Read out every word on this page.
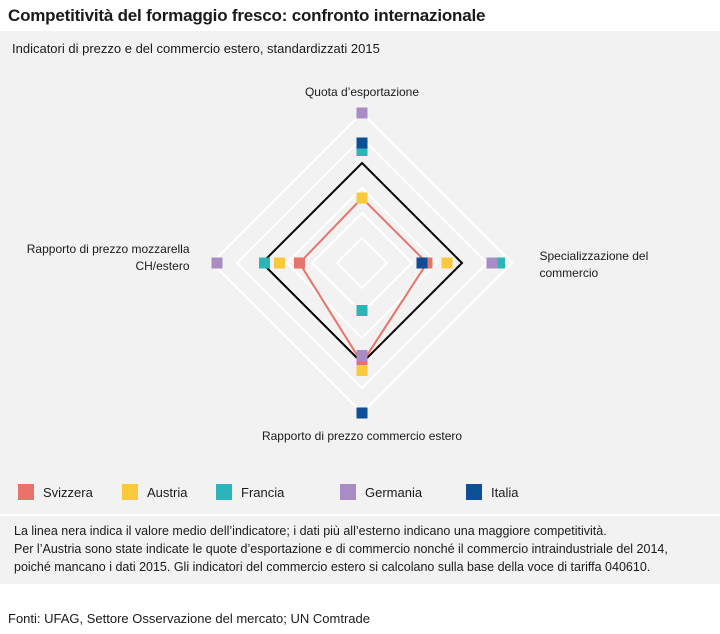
Competitività del formaggio fresco: confronto internazionale
Indicatori di prezzo e del commercio estero, standardizzati 2015
Quota d’esportazione
Specializzazione del commercio
Rapporto di prezzo commercio estero
Rapporto di prezzo mozzarella CH/estero
Svizzera	Austria	Francia	Germania	Italia
La linea nera indica il valore medio dell’indicatore; i dati più all’esterno indicano una maggiore competitività.
Per l’Austria sono state indicate le quote d’esportazione e di commercio nonché il commercio intraindustriale del 2014,
poiché mancano i dati 2015. Gli indicatori del commercio estero si calcolano sulla base della voce di tariffa 040610.
Fonti: UFAG, Settore Osservazione del mercato; UN Comtrade
